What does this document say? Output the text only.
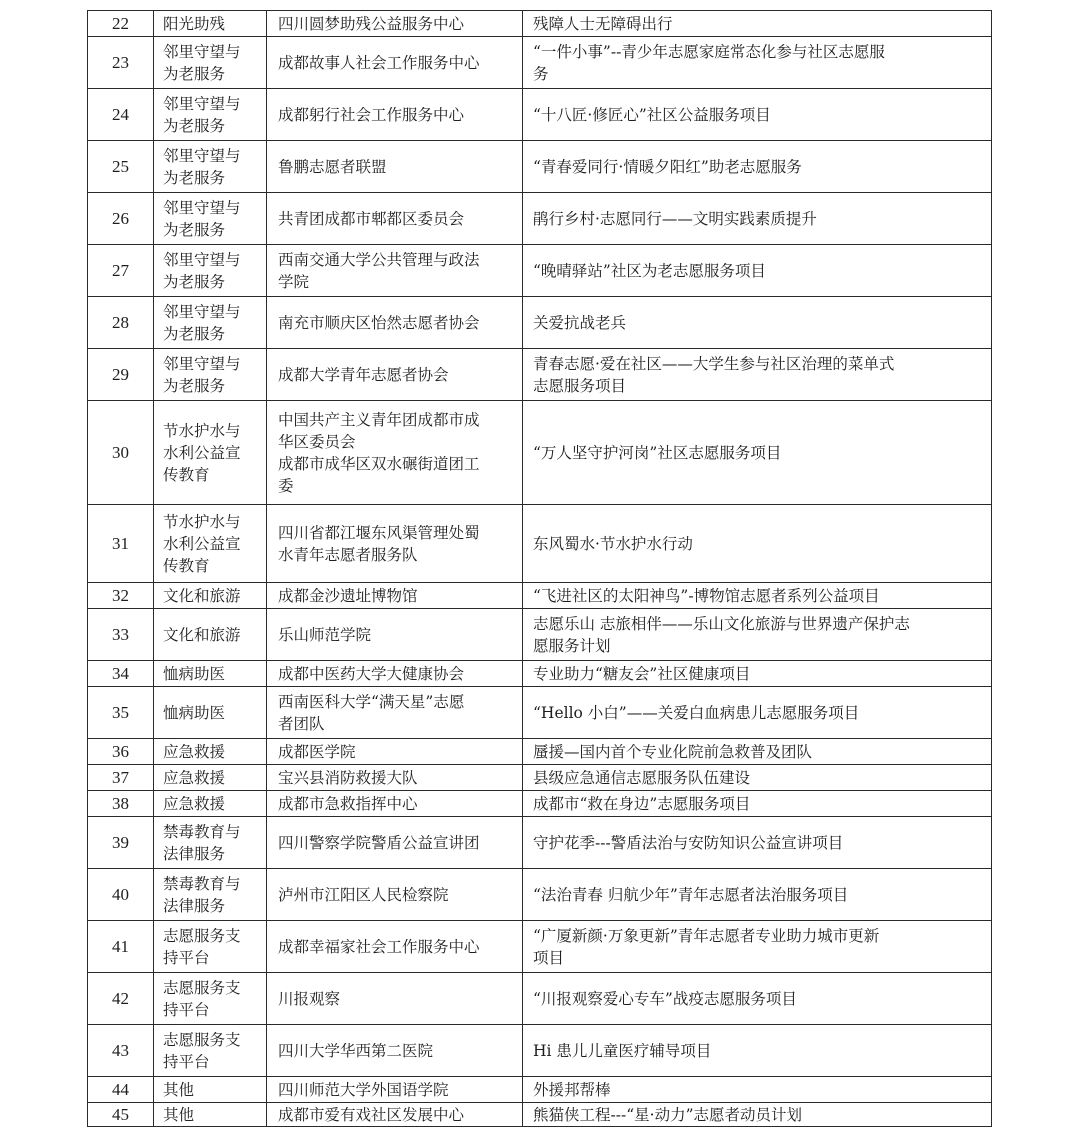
22	阳光助残	四川圆梦助残公益服务中心	残障人士无障碍出行
23	邻里守望与
为老服务	成都故事人社会工作服务中心	“一件小事”--青少年志愿家庭常态化参与社区志愿服
务
24	邻里守望与
为老服务	成都躬行社会工作服务中心	“十八匠·修匠心”社区公益服务项目
25	邻里守望与
为老服务	鲁鹏志愿者联盟	“青春爱同行·情暖夕阳红”助老志愿服务
26	邻里守望与
为老服务	共青团成都市郫都区委员会	鹃行乡村·志愿同行——文明实践素质提升
27	邻里守望与
为老服务	西南交通大学公共管理与政法
学院	“晚晴驿站”社区为老志愿服务项目
28	邻里守望与
为老服务	南充市顺庆区怡然志愿者协会	关爱抗战老兵
29	邻里守望与
为老服务	成都大学青年志愿者协会	青春志愿·爱在社区——大学生参与社区治理的菜单式
志愿服务项目
30	节水护水与
水利公益宣
传教育	中国共产主义青年团成都市成
华区委员会
成都市成华区双水碾街道团工
委	“万人坚守护河岗”社区志愿服务项目
31	节水护水与
水利公益宣
传教育	四川省都江堰东风渠管理处蜀
水青年志愿者服务队	东风蜀水·节水护水行动
32	文化和旅游	成都金沙遗址博物馆	“飞进社区的太阳神鸟”-博物馆志愿者系列公益项目
33	文化和旅游	乐山师范学院	志愿乐山 志旅相伴——乐山文化旅游与世界遗产保护志
愿服务计划
34	恤病助医	成都中医药大学大健康协会	专业助力“糖友会”社区健康项目
35	恤病助医	西南医科大学“满天星”志愿
者团队	“Hello 小白”——关爱白血病患儿志愿服务项目
36	应急救援	成都医学院	蜃援—国内首个专业化院前急救普及团队
37	应急救援	宝兴县消防救援大队	县级应急通信志愿服务队伍建设
38	应急救援	成都市急救指挥中心	成都市“救在身边”志愿服务项目
39	禁毒教育与
法律服务	四川警察学院警盾公益宣讲团	守护花季---警盾法治与安防知识公益宣讲项目
40	禁毒教育与
法律服务	泸州市江阳区人民检察院	“法治青春 归航少年”青年志愿者法治服务项目
41	志愿服务支
持平台	成都幸福家社会工作服务中心	“广厦新颜·万象更新”青年志愿者专业助力城市更新
项目
42	志愿服务支
持平台	川报观察	“川报观察爱心专车”战疫志愿服务项目
43	志愿服务支
持平台	四川大学华西第二医院	Hi 患儿儿童医疗辅导项目
44	其他	四川师范大学外国语学院	外援邦帮棒
45	其他	成都市爱有戏社区发展中心	熊猫侠工程---“星·动力”志愿者动员计划
